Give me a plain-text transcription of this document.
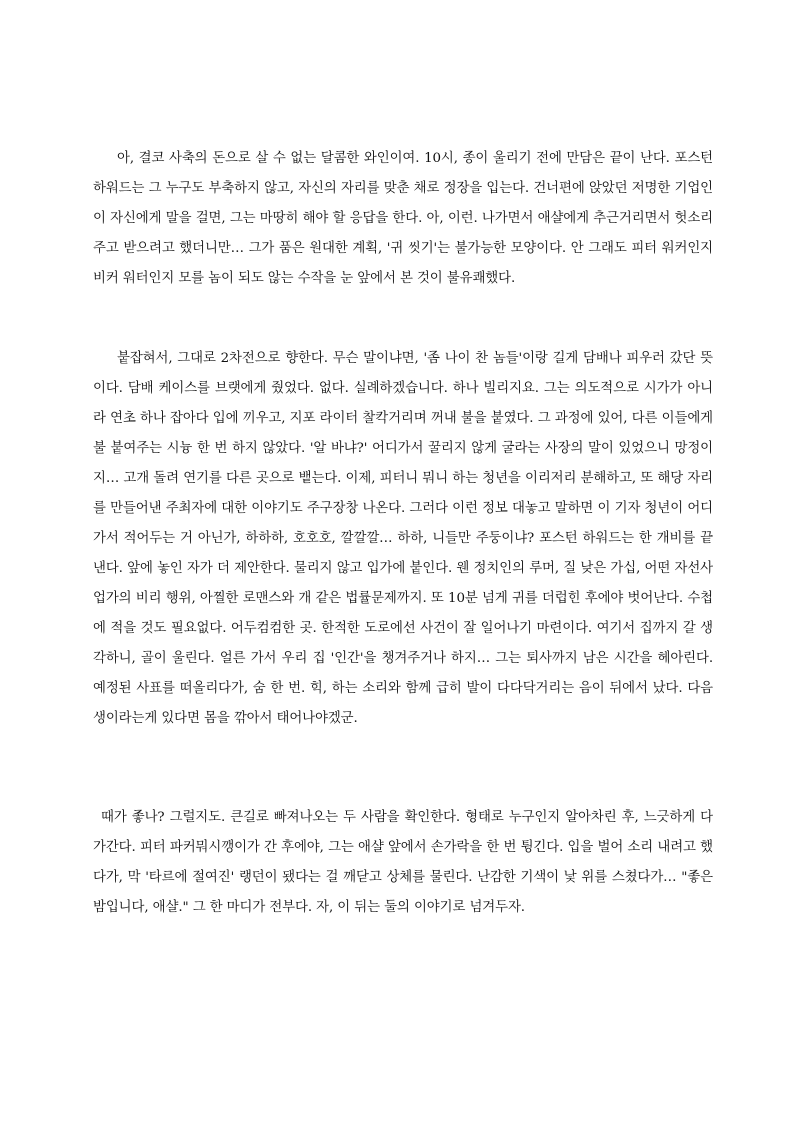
아, 결코 사축의 돈으로 살 수 없는 달콤한 와인이여. 10시, 종이 울리기 전에 만담은 끝이 난다. 포스턴 하워드는 그 누구도 부축하지 않고, 자신의 자리를 맞춘 채로 정장을 입는다. 건너편에 앉았던 저명한 기업인이 자신에게 말을 걸면, 그는 마땅히 해야 할 응답을 한다. 아, 이런. 나가면서 애샬에게 추근거리면서 헛소리주고 받으려고 했더니만… 그가 품은 원대한 계획, '귀 씻기'는 불가능한 모양이다. 안 그래도 피터 워커인지 비커 워터인지 모를 놈이 되도 않는 수작을 눈 앞에서 본 것이 불유쾌했다.

붙잡혀서, 그대로 2차전으로 향한다. 무슨 말이냐면, '좀 나이 찬 놈들'이랑 길게 담배나 피우러 갔단 뜻이다. 담배 케이스를 브랫에게 줬었다. 없다. 실례하겠습니다. 하나 빌리지요. 그는 의도적으로 시가가 아니라 연초 하나 잡아다 입에 끼우고, 지포 라이터 찰칵거리며 꺼내 불을 붙였다. 그 과정에 있어, 다른 이들에게 불 붙여주는 시늉 한 번 하지 않았다. '알 바냐?' 어디가서 꿀리지 않게 굴라는 사장의 말이 있었으니 망정이지… 고개 돌려 연기를 다른 곳으로 뱉는다. 이제, 피터니 뭐니 하는 청년을 이리저리 분해하고, 또 해당 자리를 만들어낸 주최자에 대한 이야기도 주구장창 나온다. 그러다 이런 정보 대놓고 말하면 이 기자 청년이 어디가서 적어두는 거 아닌가, 하하하, 호호호, 깔깔깔… 하하, 니들만 주둥이냐? 포스턴 하워드는 한 개비를 끝낸다. 앞에 놓인 자가 더 제안한다. 물리지 않고 입가에 붙인다. 웬 정치인의 루머, 질 낮은 가십, 어떤 자선사업가의 비리 행위, 아찔한 로맨스와 개 같은 법률문제까지. 또 10분 넘게 귀를 더럽힌 후에야 벗어난다. 수첩에 적을 것도 필요없다. 어두컴컴한 곳. 한적한 도로에선 사건이 잘 일어나기 마련이다. 여기서 집까지 갈 생각하니, 골이 울린다. 얼른 가서 우리 집 '인간'을 챙겨주거나 하지… 그는 퇴사까지 남은 시간을 헤아린다. 예정된 사표를 떠올리다가, 숨 한 번. 힉, 하는 소리와 함께 급히 발이 다다닥거리는 음이 뒤에서 났다. 다음 생이라는게 있다면 몸을 깎아서 태어나야겠군.

때가 좋나? 그럴지도. 큰길로 빠져나오는 두 사람을 확인한다. 형태로 누구인지 알아차린 후, 느긋하게 다가간다. 피터 파커뭐시깽이가 간 후에야, 그는 애샬 앞에서 손가락을 한 번 튕긴다. 입을 벌어 소리 내려고 했다가, 막 '타르에 절여진' 랭던이 됐다는 걸 깨닫고 상체를 물린다. 난감한 기색이 낯 위를 스쳤다가… "좋은 밤입니다, 애샬." 그 한 마디가 전부다. 자, 이 뒤는 둘의 이야기로 넘겨두자.
